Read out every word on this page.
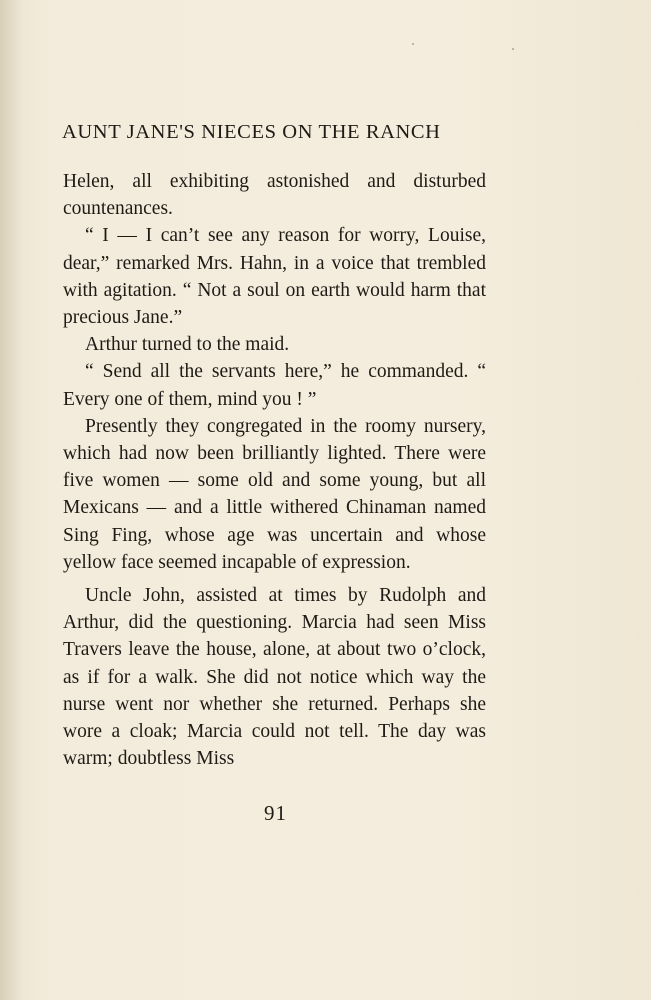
AUNT JANE'S NIECES ON THE RANCH

Helen, all exhibiting astonished and disturbed countenances.

“ I — I can’t see any reason for worry, Louise, dear,” remarked Mrs. Hahn, in a voice that trembled with agitation. “ Not a soul on earth would harm that precious Jane.”

Arthur turned to the maid.

“ Send all the servants here,” he commanded. “ Every one of them, mind you ! ”

Presently they congregated in the roomy nursery, which had now been brilliantly lighted. There were five women — some old and some young, but all Mexicans — and a little withered Chinaman named Sing Fing, whose age was uncertain and whose yellow face seemed incapable of expression.

Uncle John, assisted at times by Rudolph and Arthur, did the questioning. Marcia had seen Miss Travers leave the house, alone, at about two o’clock, as if for a walk. She did not notice which way the nurse went nor whether she returned. Perhaps she wore a cloak; Marcia could not tell. The day was warm; doubtless Miss

91
